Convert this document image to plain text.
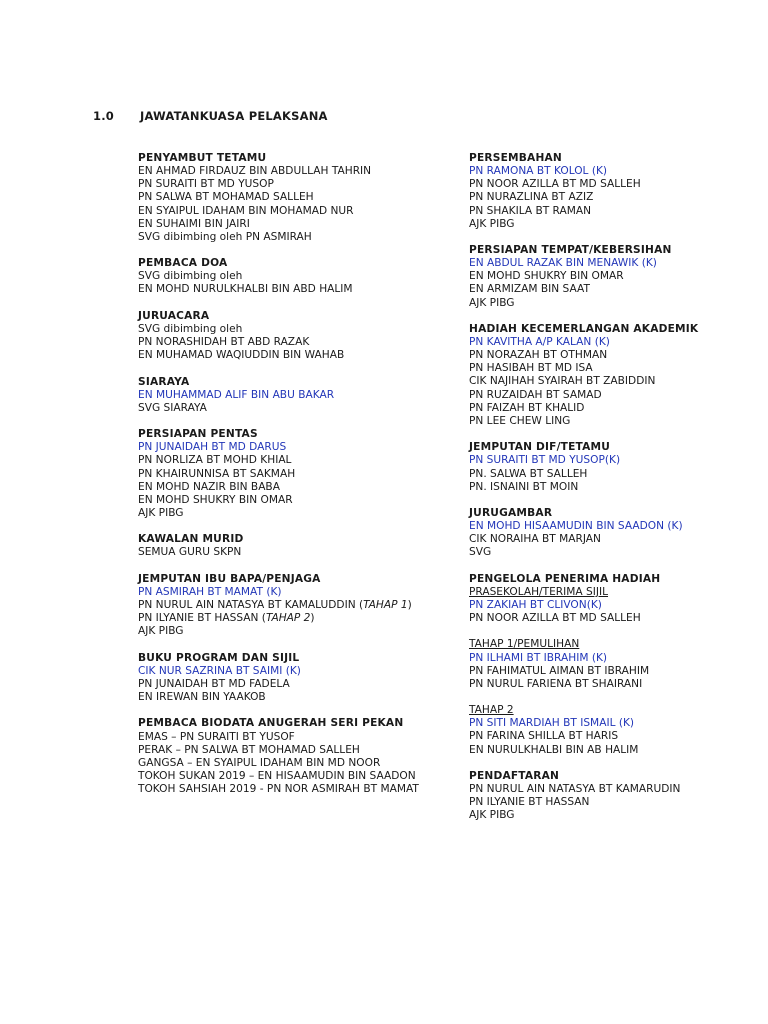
1.0 JAWATANKUASA PELAKSANA
PENYAMBUT TETAMU
EN AHMAD FIRDAUZ BIN ABDULLAH TAHRIN
PN SURAITI BT MD YUSOP
PN SALWA BT MOHAMAD SALLEH
EN SYAIPUL IDAHAM BIN MOHAMAD NUR
EN SUHAIMI BIN JAIRI
SVG dibimbing oleh PN ASMIRAH
PEMBACA DOA
SVG dibimbing oleh
EN MOHD NURULKHALBI BIN ABD HALIM
JURUACARA
SVG dibimbing oleh
PN NORASHIDAH BT ABD RAZAK
EN MUHAMAD WAQIUDDIN BIN WAHAB
SIARAYA
EN MUHAMMAD ALIF BIN ABU BAKAR
SVG SIARAYA
PERSIAPAN PENTAS
PN JUNAIDAH BT MD DARUS
PN NORLIZA BT MOHD KHIAL
PN KHAIRUNNISA BT SAKMAH
EN MOHD NAZIR BIN BABA
EN MOHD SHUKRY BIN OMAR
AJK PIBG
KAWALAN MURID
SEMUA GURU SKPN
JEMPUTAN IBU BAPA/PENJAGA
PN ASMIRAH BT MAMAT (K)
PN NURUL AIN NATASYA BT KAMALUDDIN (TAHAP 1)
PN ILYANIE BT HASSAN (TAHAP 2)
AJK PIBG
BUKU PROGRAM DAN SIJIL
CIK NUR SAZRINA BT SAIMI (K)
PN JUNAIDAH BT MD FADELA
EN IREWAN BIN YAAKOB
PEMBACA BIODATA ANUGERAH SERI PEKAN
EMAS – PN SURAITI BT YUSOF
PERAK – PN SALWA BT MOHAMAD SALLEH
GANGSA – EN SYAIPUL IDAHAM BIN MD NOOR
TOKOH SUKAN 2019 – EN HISAAMUDIN BIN SAADON
TOKOH SAHSIAH 2019 - PN NOR ASMIRAH BT MAMAT
PERSEMBAHAN
PN RAMONA BT KOLOL (K)
PN NOOR AZILLA BT MD SALLEH
PN NURAZLINA BT AZIZ
PN SHAKILA BT RAMAN
AJK PIBG
PERSIAPAN TEMPAT/KEBERSIHAN
EN ABDUL RAZAK BIN MENAWIK (K)
EN MOHD SHUKRY BIN OMAR
EN ARMIZAM BIN SAAT
AJK PIBG
HADIAH KECEMERLANGAN AKADEMIK
PN KAVITHA A/P KALAN (K)
PN NORAZAH BT OTHMAN
PN HASIBAH BT MD ISA
CIK NAJIHAH SYAIRAH BT ZABIDDIN
PN RUZAIDAH BT SAMAD
PN FAIZAH BT KHALID
PN LEE CHEW LING
JEMPUTAN DIF/TETAMU
PN SURAITI BT MD YUSOP(K)
PN. SALWA BT SALLEH
PN. ISNAINI BT MOIN
JURUGAMBAR
EN MOHD HISAAMUDIN BIN SAADON (K)
CIK NORAIHA BT MARJAN
SVG
PENGELOLA PENERIMA HADIAH
PRASEKOLAH/TERIMA SIJIL
PN ZAKIAH BT CLIVON(K)
PN NOOR AZILLA BT MD SALLEH
TAHAP 1/PEMULIHAN
PN ILHAMI BT IBRAHIM (K)
PN FAHIMATUL AIMAN BT IBRAHIM
PN NURUL FARIENA BT SHAIRANI
TAHAP 2
PN SITI MARDIAH BT ISMAIL (K)
PN FARINA SHILLA BT HARIS
EN NURULKHALBI BIN AB HALIM
PENDAFTARAN
PN NURUL AIN NATASYA BT KAMARUDIN
PN ILYANIE BT HASSAN
AJK PIBG
